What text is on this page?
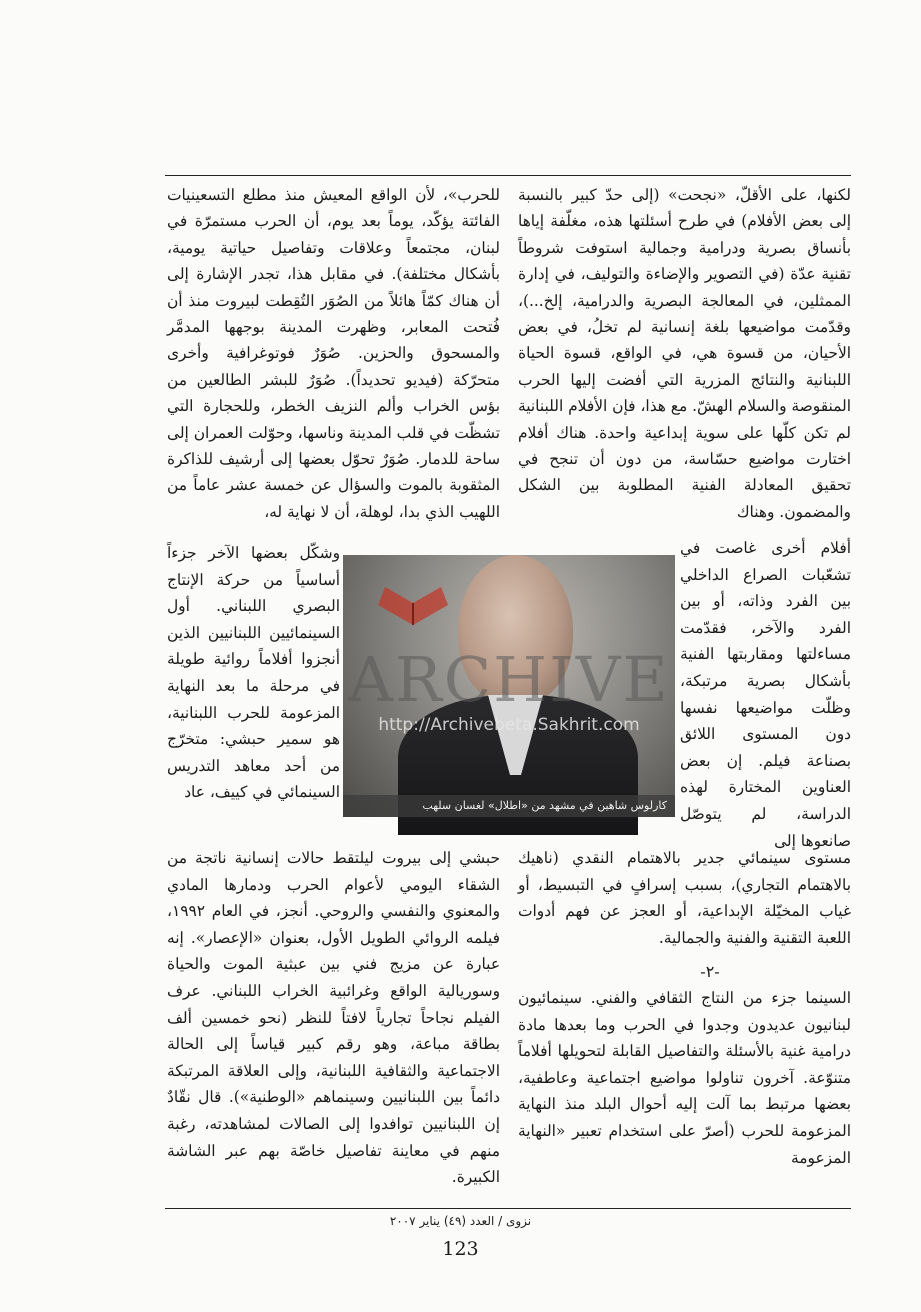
لكنها، على الأقلّ، «نجحت» (إلى حدّ كبير بالنسبة إلى بعض الأفلام) في طرح أسئلتها هذه، مغلّفة إياها بأنساق بصرية ودرامية وجمالية استوفت شروطاً تقنية عدّة (في التصوير والإضاءة والتوليف، في إدارة الممثلين، في المعالجة البصرية والدرامية، إلخ...)، وقدّمت مواضيعها بلغة إنسانية لم تخلُ، في بعض الأحيان، من قسوة هي، في الواقع، قسوة الحياة اللبنانية والنتائج المزرية التي أفضت إليها الحرب المنقوصة والسلام الهشّ. مع هذا، فإن الأفلام اللبنانية لم تكن كلّها على سوية إبداعية واحدة. هناك أفلام اختارت مواضيع حسّاسة، من دون أن تنجح في تحقيق المعادلة الفنية المطلوبة بين الشكل والمضمون. وهناك
للحرب»، لأن الواقع المعيش منذ مطلع التسعينيات الفائتة يؤكّد، يوماً بعد يوم، أن الحرب مستمرّة في لبنان، مجتمعاً وعلاقات وتفاصيل حياتية يومية، بأشكال مختلفة). في مقابل هذا، تجدر الإشارة إلى أن هناك كمّاً هائلاً من الصُوَر التُقِطت لبيروت منذ أن فُتحت المعابر، وظهرت المدينة بوجهها المدمَّر والمسحوق والحزين. صُوَرٌ فوتوغرافية وأخرى متحرّكة (فيديو تحديداً). صُوَرٌ للبشر الطالعين من بؤس الخراب وألم النزيف الخطر، وللحجارة التي تشظّت في قلب المدينة وناسها، وحوّلت العمران إلى ساحة للدمار. صُوَرٌ تحوّل بعضها إلى أرشيف للذاكرة المثقوبة بالموت والسؤال عن خمسة عشر عاماً من اللهيب الذي بدا، لوهلة، أن لا نهاية له،
أفلام أخرى غاصت في تشعّبات الصراع الداخلي بين الفرد وذاته، أو بين الفرد والآخر، فقدّمت مساءلتها ومقاربتها الفنية بأشكال بصرية مرتبكة، وظلّت مواضيعها نفسها دون المستوى اللائق بصناعة فيلم. إن بعض العناوين المختارة لهذه الدراسة، لم يتوصّل صانعوها إلى
وشكّل بعضها الآخر جزءاً أساسياً من حركة الإنتاج البصري اللبناني. أول السينمائيين اللبنانيين الذين أنجزوا أفلاماً روائية طويلة في مرحلة ما بعد النهاية المزعومة للحرب اللبنانية، هو سمير حبشي: متخرّج من أحد معاهد التدريس السينمائي في كييف، عاد
ARCHIVE
http://Archivebeta.Sakhrit.com
كارلوس شاهين في مشهد من «اطلال» لغسان سلهب
مستوى سينمائي جدير بالاهتمام النقدي (ناهيك بالاهتمام التجاري)، بسبب إسرافٍ في التبسيط، أو غياب المخيّلة الإبداعية، أو العجز عن فهم أدوات اللعبة التقنية والفنية والجمالية.
-٢-
السينما جزء من النتاج الثقافي والفني. سينمائيون لبنانيون عديدون وجدوا في الحرب وما بعدها مادة درامية غنية بالأسئلة والتفاصيل القابلة لتحويلها أفلاماً متنوّعة. آخرون تناولوا مواضيع اجتماعية وعاطفية، بعضها مرتبط بما آلت إليه أحوال البلد منذ النهاية المزعومة للحرب (أصرّ على استخدام تعبير «النهاية المزعومة
حبشي إلى بيروت ليلتقط حالات إنسانية ناتجة من الشقاء اليومي لأعوام الحرب ودمارها المادي والمعنوي والنفسي والروحي. أنجز، في العام ١٩٩٢، فيلمه الروائي الطويل الأول، بعنوان «الإعصار». إنه عبارة عن مزيج فني بين عبثية الموت والحياة وسوريالية الواقع وغرائبية الخراب اللبناني. عرف الفيلم نجاحاً تجارياً لافتاً للنظر (نحو خمسين ألف بطاقة مباعة، وهو رقم كبير قياساً إلى الحالة الاجتماعية والثقافية اللبنانية، وإلى العلاقة المرتبكة دائماً بين اللبنانيين وسينماهم «الوطنية»). قال نقّادٌ إن اللبنانيين توافدوا إلى الصالات لمشاهدته، رغبة منهم في معاينة تفاصيل خاصّة بهم عبر الشاشة الكبيرة.
نزوى / العدد (٤٩) يناير ٢٠٠٧
123
